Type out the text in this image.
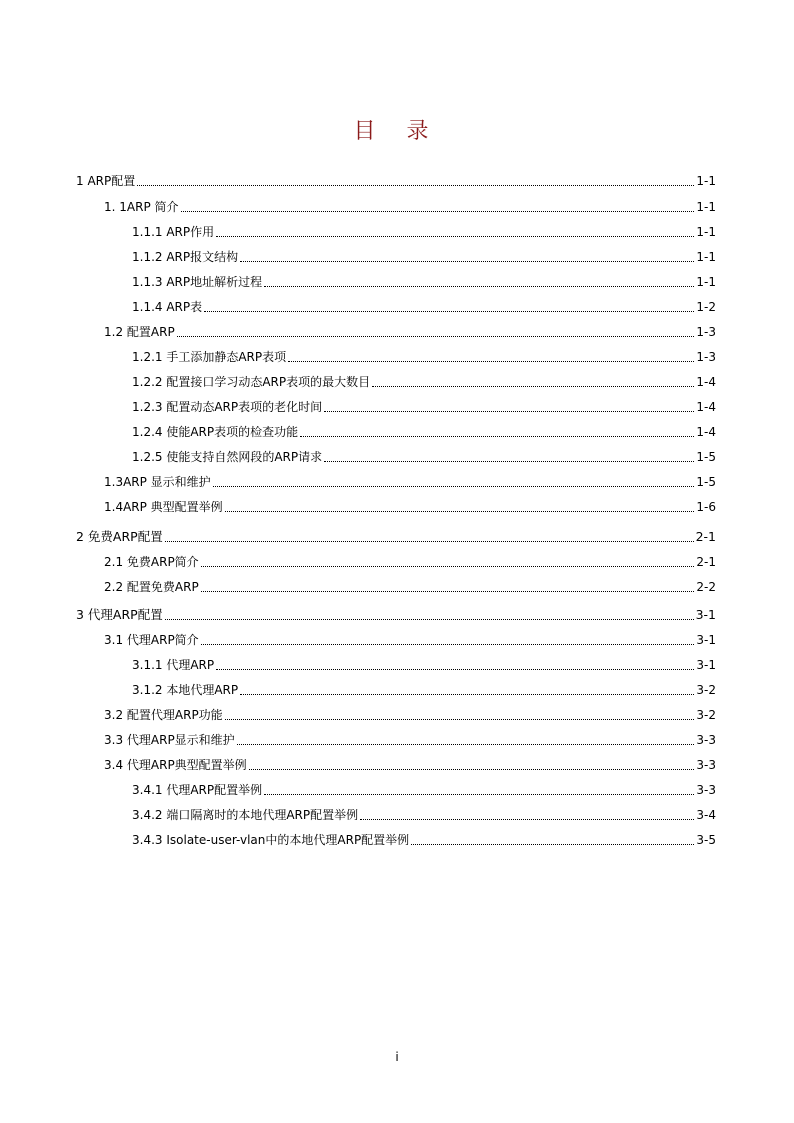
目 录
1 ARP配置	1-1
1. 1ARP 简介	1-1
1.1.1 ARP作用	1-1
1.1.2 ARP报文结构	1-1
1.1.3 ARP地址解析过程	1-1
1.1.4 ARP表	1-2
1.2 配置ARP	1-3
1.2.1 手工添加静态ARP表项	1-3
1.2.2 配置接口学习动态ARP表项的最大数目	1-4
1.2.3 配置动态ARP表项的老化时间	1-4
1.2.4 使能ARP表项的检查功能	1-4
1.2.5 使能支持自然网段的ARP请求	1-5
1.3ARP 显示和维护	1-5
1.4ARP 典型配置举例	1-6
2 免费ARP配置	2-1
2.1 免费ARP简介	2-1
2.2 配置免费ARP	2-2
3 代理ARP配置	3-1
3.1 代理ARP简介	3-1
3.1.1 代理ARP	3-1
3.1.2 本地代理ARP	3-2
3.2 配置代理ARP功能	3-2
3.3 代理ARP显示和维护	3-3
3.4 代理ARP典型配置举例	3-3
3.4.1 代理ARP配置举例	3-3
3.4.2 端口隔离时的本地代理ARP配置举例	3-4
3.4.3 Isolate-user-vlan中的本地代理ARP配置举例	3-5
i
